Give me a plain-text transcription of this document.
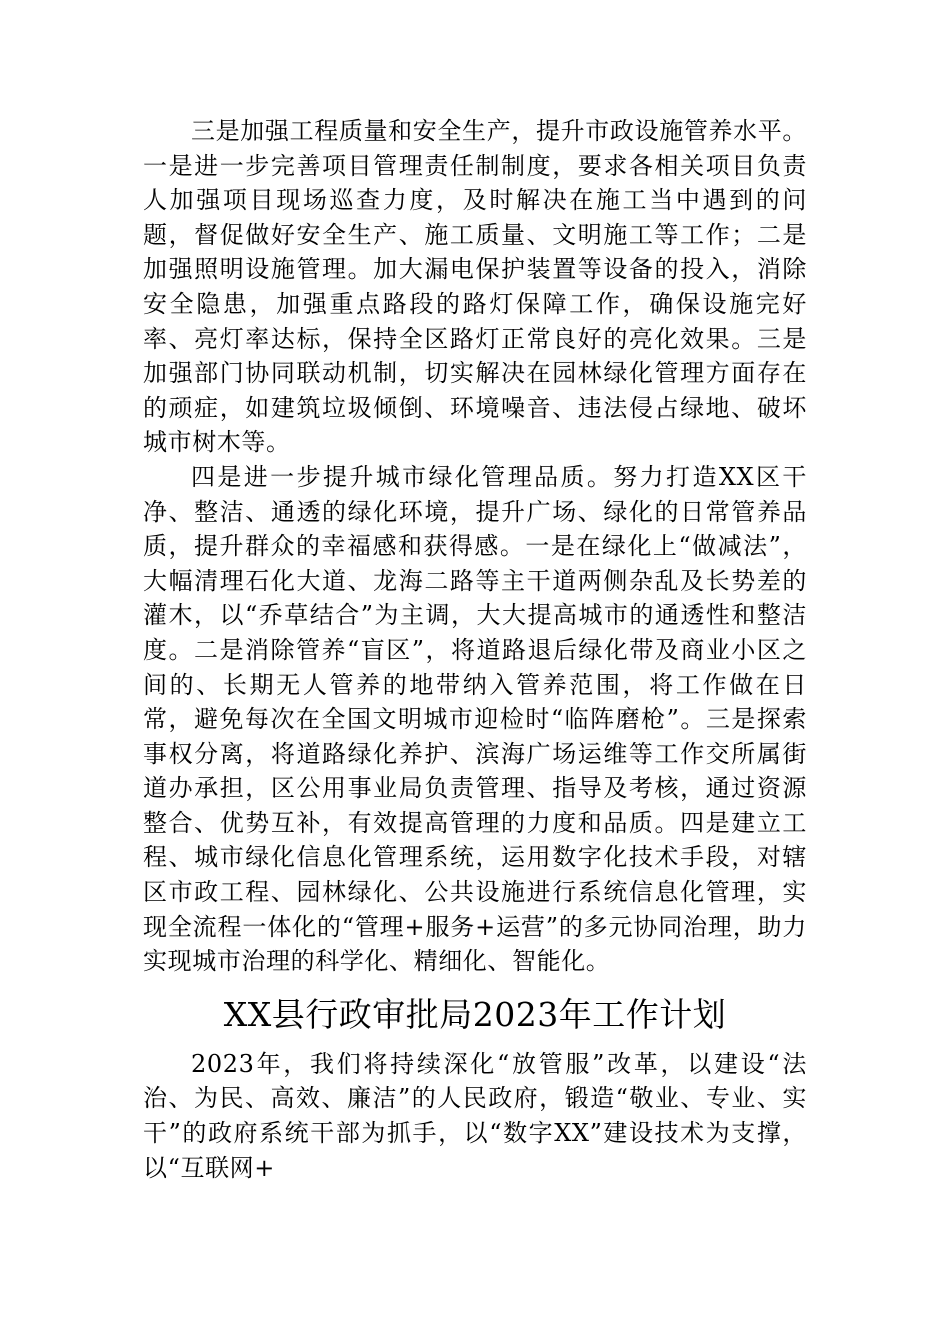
三是加强工程质量和安全生产，提升市政设施管养水平。一是进一步完善项目管理责任制制度，要求各相关项目负责人加强项目现场巡查力度，及时解决在施工当中遇到的问题，督促做好安全生产、施工质量、文明施工等工作；二是加强照明设施管理。加大漏电保护装置等设备的投入，消除安全隐患，加强重点路段的路灯保障工作，确保设施完好率、亮灯率达标，保持全区路灯正常良好的亮化效果。三是加强部门协同联动机制，切实解决在园林绿化管理方面存在的顽症，如建筑垃圾倾倒、环境噪音、违法侵占绿地、破坏城市树木等。

四是进一步提升城市绿化管理品质。努力打造XX区干净、整洁、通透的绿化环境，提升广场、绿化的日常管养品质，提升群众的幸福感和获得感。一是在绿化上“做减法”，大幅清理石化大道、龙海二路等主干道两侧杂乱及长势差的灌木，以“乔草结合”为主调，大大提高城市的通透性和整洁度。二是消除管养“盲区”，将道路退后绿化带及商业小区之间的、长期无人管养的地带纳入管养范围，将工作做在日常，避免每次在全国文明城市迎检时“临阵磨枪”。三是探索事权分离，将道路绿化养护、滨海广场运维等工作交所属街道办承担，区公用事业局负责管理、指导及考核，通过资源整合、优势互补，有效提高管理的力度和品质。四是建立工程、城市绿化信息化管理系统，运用数字化技术手段，对辖区市政工程、园林绿化、公共设施进行系统信息化管理，实现全流程一体化的“管理+服务+运营”的多元协同治理，助力实现城市治理的科学化、精细化、智能化。

XX县行政审批局2023年工作计划

2023年，我们将持续深化“放管服”改革，以建设“法治、为民、高效、廉洁”的人民政府，锻造“敬业、专业、实干”的政府系统干部为抓手，以“数字XX”建设技术为支撑，以“互联网+
